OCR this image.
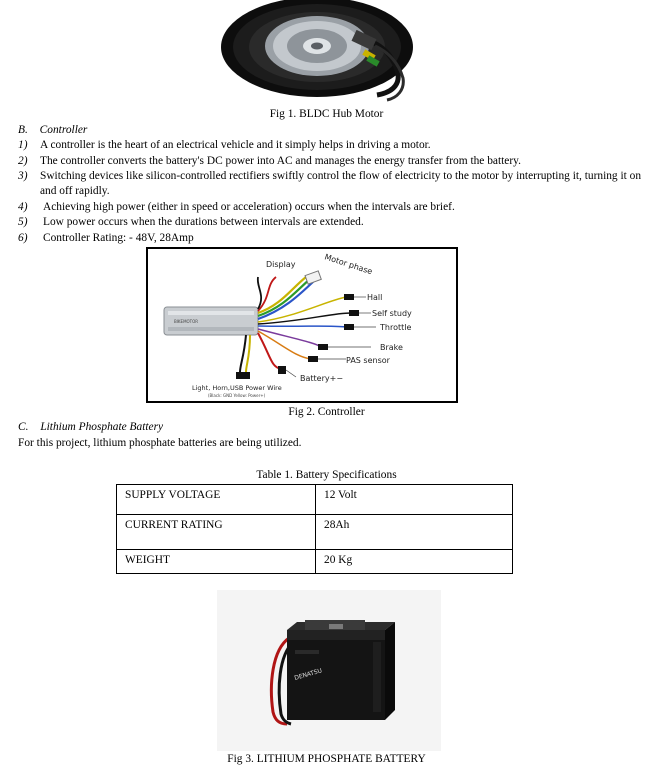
Fig 1. BLDC Hub Motor
B. Controller
1) A controller is the heart of an electrical vehicle and it simply helps in driving a motor.
2) The controller converts the battery's DC power into AC and manages the energy transfer from the battery.
3) Switching devices like silicon-controlled rectifiers swiftly control the flow of electricity to the motor by interrupting it, turning it on and off rapidly.
4) Achieving high power (either in speed or acceleration) occurs when the intervals are brief.
5) Low power occurs when the durations between intervals are extended.
6) Controller Rating: - 48V, 28Amp
BIKEMOTOR
Display	Motor phase
Hall
Self study
Throttle
Brake
PAS sensor
Battery+−
Light, Horn,USB Power Wire
(Black: GND Yellow: Power+)
Fig 2. Controller
C. Lithium Phosphate Battery
For this project, lithium phosphate batteries are being utilized.
Table 1. Battery Specifications
SUPPLY VOLTAGE	12 Volt
CURRENT RATING	28Ah
WEIGHT	20 Kg
DENATSU
Fig 3. LITHIUM PHOSPHATE BATTERY
